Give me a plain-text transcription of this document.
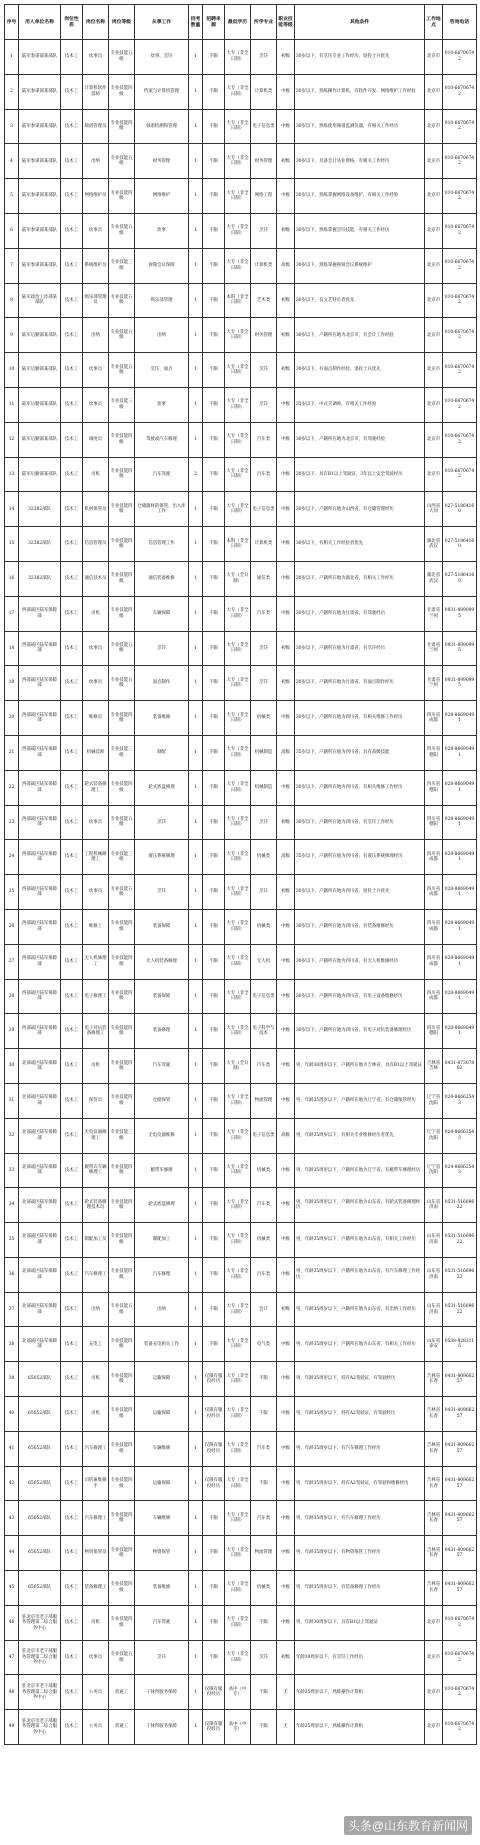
序号	用人单位名称	岗位性质	岗位名称	岗位等级	从事工作	招考数量	招聘来源	最低学历	所学专业	职业技能等级	其他条件	工作地点	咨询电话
1	陆军参谋部某部队	技术工	炊事员	专业技能五级	炊事、烹饪	1	不限	大专（非全日制）	烹饪	初级	30岁以下，有烹饪专业工作经历，退役士兵优先	北京市	010-66706742
2	陆军参谋部某部队	技术工	计算机软件技师	专业技能四级	档案与计算机管理	1	不限	大专（非全日制）	计算机类	中级	30岁以下，熟练操作计算机，有软件开发、网络维护工作经验	北京市	010-66706742
3	陆军参谋部某部队	技术工	频谱管理员	专业技能四级	频谱检测和管理	1	不限	大专（非全日制）	电子信息类	中级	30岁以下，熟练使用频谱监测仪器，有相关工作经历	北京市	010-66706742
4	陆军参谋部某部队	技术工	出纳	专业技能五级	财务管理	1	不限	大专（非全日制）	财务管理	初级	30岁以下，具备会计从业资格，有相关工作经历	北京市	010-66706742
5	陆军参谋部某部队	技术工	网络维护员	专业技能四级	网络维护	1	不限	大专（非全日制）	网络工程	中级	30岁以下，熟练掌握网络设备维护，有相关工作经验	北京市	010-66706742
6	陆军参谋部某部队	技术工	炊事员	专业技能五级	炊事	1	不限	大专（非全日制）	烹饪	初级	30岁以下，熟练掌握烹饪技能，有相关工作经历	北京市	010-66706742
7	陆军参谋部某部队	技术工	系统维护员	专业技能三级	视频会议保障	1	不限	大专（非全日制）	计算机类	高级	30岁以下，熟练掌握视频会议系统维护	北京市	010-66706742
8	陆军政治工作部某部队	技术工	俱乐部管理员	专业技能五级	俱乐部管理	1	不限	本科（非全日制）	艺术类	初级	30岁以下，有文艺特长者优先	北京市	010-66706742
9	陆军后勤部某部队	技术工	出纳	专业技能五级	出纳	1	不限	大专（非全日制）	财务管理	初级	30岁以下，户籍所在地为北京市，有会计工作经验	北京市	010-66706742
10	陆军后勤部某部队	技术工	炊事员	专业技能五级	烹饪、面点	1	不限	大专（非全日制）	烹饪	初级	30岁以下，有面点制作经验，退役士兵优先	北京市	010-66706742
11	陆军后勤部某部队	技术工	炊事员	专业技能三级	炊事	1	不限	大专（非全日制）	烹饪	中级	35岁以下，中式烹调师，有相关工作经验	北京市	010-66706742
12	陆军后勤部某部队	技术工	调度员	专业技能四级	驾驶或汽车修理	1	不限	大专（非全日制）	汽车类	中级	30岁以下，户籍所在地为北京市，有驾驶经验	北京市	010-66706742
13	陆军后勤部某部队	技术工	司机	专业技能四级	汽车驾驶	2	不限	大专（非全日制）	汽车类	中级	30岁以下，具有B1以上驾驶证，3年以上安全驾驶经历	北京市	010-66706742
14	32382部队	技术工	机材保管员	专业技能四级	仓储器材的保管、出入库工作	1	不限	大专（非全日制）	电子信息类	中级	30岁以下，户籍所在地为山西省，有仓储管理经历	山西省大同	027-51864160
15	32382部队	技术工	信息管理员	专业技能四级	信息管理工作	1	不限	本科（非全日制）	计算机类	中级	30岁以下，有相关工作经验者优先	湖北省武汉	027-51864160
16	32382部队	技术工	通信技术员	专业技能四级	通信装备维修	1	不限	大专（全日制）	通信类	中级	30岁以下，户籍所在地为湖北省，有相关工作经历	湖北省武汉	027-51864160
17	西部战区陆军保障部	技术工	司机	专业技能四级	车辆保障	1	不限	大专（非全日制）	汽车类	中级	30岁以下，户籍所在地为甘肃省，有驾驶经历	甘肃省兰州	0931-8990995
18	西部战区陆军保障部	技术工	炊事员	专业技能五级	烹饪	1	不限	大专（非全日制）	烹饪	初级	30岁以下，户籍所在地为甘肃省，有烹饪经历	甘肃省兰州	0931-8990995
19	西部战区陆军保障部	技术工	炊事员	专业技能五级	面点制作	1	不限	大专（非全日制）	烹饪	初级	30岁以下，户籍所在地为甘肃省，有面点制作经历	甘肃省兰州	0931-8990995
20	西部战区陆军保障部	技术工	维修员	专业技能四级	装备维修	1	不限	大专（非全日制）	机械类	中级	30岁以下，户籍所在地为四川省，有相关维修工作经历	四川省成都	028-86690491
21	西部战区陆军保障部	技术工	机械技师	专业技能三级	制配	1	不限	大专（非全日制）	机械制造	高级	35岁以下，户籍所在地为四川省，具有高级技能	四川省德阳	028-86690491
22	西部战区陆军保障部	技术工	轮式装备修理工	专业技能四级	轮式底盘修理	1	不限	大专（非全日制）	机械制造	中级	30岁以下，户籍所在地为四川省，有相关维修工作经历	四川省德阳	028-86690491
23	西部战区陆军保障部	技术工	炊事员	专业技能五级	烹饪	1	不限	大专（非全日制）	烹饪	初级	30岁以下，户籍所在地为四川省，有烹饪工作经历	四川省德阳	028-86690491
24	西部战区陆军保障部	技术工	工程机械修理工	专业技能三级	液压系统修理	1	不限	大专（非全日制）	机械类	高级	35岁以下，户籍所在地为四川省，有液压系统修理经历	四川省成都	028-86690491
25	西部战区陆军保障部	技术工	炊事员	专业技能五级	烹饪	1	不限	大专（非全日制）	烹饪	初级	30岁以下，户籍所在地为四川省，退役士兵优先	四川省成都	028-86690491
26	西部战区陆军保障部	技术工	维修工	专业技能四级	装备保障	1	不限	大专（非全日制）	机械类	中级	30岁以下，户籍所在地为四川省，有装备维修经历	四川省成都	028-86690491
27	西部战区陆军保障部	技术工	无人机修理工	专业技能四级	无人机装备修理	1	不限	大专（非全日制）	无人机	中级	30岁以下，户籍所在地为四川省，有无人机维修经历	四川省成都	028-86690491
28	西部战区陆军保障部	技术工	电子修理工	专业技能四级	装备保障	1	不限	大专（非全日制）	电子信息类	中级	30岁以下，户籍所在地为四川省，有电子设备维修经历	四川省成都	028-86690491
29	西部战区陆军保障部	技术工	电子对抗装备修理工	专业技能四级	装备修理	1	不限	大专（非全日制）	电子科学与技术	中级	30岁以下，户籍所在地为四川省，有电子对抗装备修理经历	四川省德阳	028-86690491
30	北部战区陆军保障部	技术工	司机	专业技能四级	汽车驾驶	1	不限	大专（全日制）	汽车类	中级	男，年龄30周岁以下，户籍所在地为吉林省，具有B1以上驾驶证	吉林省吉林	0431-87307802
31	北部战区陆军保障部	技术工	保管员	专业技能四级	仓储保管	1	不限	大专（非全日制）	物流管理	中级	男，年龄35周岁以下，户籍所在地为辽宁省，有仓储保管经历	辽宁省沈阳	024-86662543
32	北部战区陆军保障部	技术工	无电仪器修理工	专业技能三级	无电仪器维修	1	不限	大专（非全日制）	电子信息类	高级	男，年龄35周岁以下，有相关专业维修经历者优先	辽宁省沈阳	024-86662543
33	北部战区陆军保障部	技术工	履带式车辆修理工	专业技能四级	履带车修理	1	不限	大专（非全日制）	机械类	中级	男，年龄35周岁以下，户籍所在地为辽宁省，有履带车修理经历	辽宁省沈阳	024-86662543
34	北部战区陆军保障部	技术工	轮式装备修理技术员	专业技能四级	轮式底盘修理	1	不限	大专（非全日制）	汽车类	中级	男，年龄35周岁以下，户籍所在地为山东省，有轮式装备修理经历	山东省济南	0531-51669622
35	北部战区陆军保障部	技术工	制配加工员	专业技能四级	制配加工	1	不限	大专（非全日制）	机械类	中级	男，年龄35周岁以下，户籍所在地为山东省，有相关工作经历	山东省济南	0531-51669622
36	北部战区陆军保障部	技术工	汽车修理工	专业技能四级	汽车修理	1	不限	大专（非全日制）	汽车类	中级	男，年龄35周岁以下，户籍所在地为山东省，有汽车修理工作经历	山东省济南	0531-51669622
37	北部战区陆军保障部	技术工	出纳	专业技能五级	出纳	1	不限	大专（非全日制）	会计	初级	男，年龄35周岁以下，户籍所在地为山东省，有出纳工作经历	山东省济南	0531-51669622
38	北部战区陆军保障部	技术工	充电工	专业技能四级	装备充电相关工作	1	不限	大专（非全日制）	电气类	中级	男，年龄35周岁以下，户籍所在地为山东省，有相关工作经历	山东省泰安	0538-8283115
39	65052部队	技术工	司机	专业技能四级	运输保障	1	仅限有服役经历	大专（非全日制）	不限	中级	男，年龄35周岁以下，持有A2驾驶证，有驾驶经历	吉林省长春	0431-80966257
40	65052部队	技术工	司机	专业技能四级	运输保障	1	仅限有服役经历	大专（非全日制）	不限	中级	男，年龄35周岁以下，持有A2驾驶证，有驾驶经历	吉林省长春	0431-80966257
41	65052部队	技术工	汽车修理工	专业技能四级	车辆维修	1	仅限有服役经历	大专（非全日制）	汽车类	中级	男，年龄35周岁以下，有汽车修理工作经历	吉林省长春	0431-80966257
42	65052部队	技术工	司机兼维修手	专业技能四级	运输保障	1	仅限有服役经历	大专（非全日制）	不限	中级	男，年龄35周岁以下，持有A2驾驶证，有驾驶和维修经历	吉林省长春	0431-80966257
43	65052部队	技术工	汽车修理工	专业技能四级	车辆维修	1	不限	大专（非全日制）	汽车类	中级	男，年龄35周岁以下，有汽车修理工作经历	吉林省长春	0431-80966257
44	65052部队	技术工	物资保管员	专业技能四级	物资保管	1	不限	大专（非全日制）	物流管理	中级	男，年龄35周岁以下，有物资保管工作经历	吉林省长春	0431-80966257
45	65052部队	技术工	装备修理工	专业技能四级	装备维修	1	不限	大专（非全日制）	机械类	中级	男，年龄35周岁以下，有装备修理工作经历	吉林省长春	0431-80966257
46	驻北京市老干部服务管理第二综合服务中心	技术工	司机	专业技能四级	汽车驾驶	1	不限	大专（非全日制）	不限	中级	男，年龄30周岁以下，具有B1以上驾驶证	北京市	010-66706742
47	驻北京市老干部服务管理第二综合服务中心	技术工	炊事员	专业技能五级	烹饪	1	不限	大专（非全日制）	烹饪	初级	年龄30周岁以下，有烹饪工作经历	北京市	010-66706742
48	驻北京市老干部服务管理第二综合服务中心	技术工	公务员	普通工	干休所服务保障	1	仅限有服役经历	高中（中专）	不限	无	年龄35周岁以下，熟练操作计算机	北京市	010-66706742
49	驻北京市老干部服务管理第二综合服务中心	技术工	公务员	普通工	干休所服务保障	1	仅限有服役经历	高中（中专）	不限	无	年龄35周岁以下，熟练操作计算机	北京市	010-66706742
头条@山东教育新闻网
